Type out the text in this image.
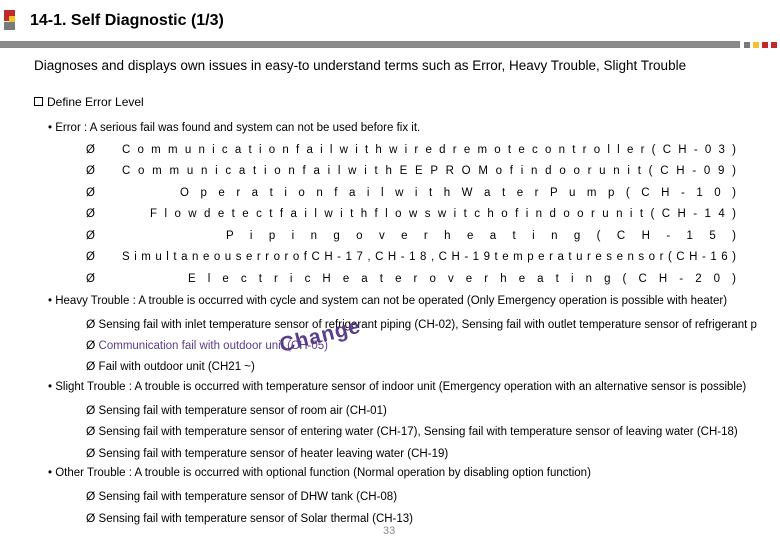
14-1. Self Diagnostic (1/3)
Diagnoses and displays own issues in easy-to understand terms such as Error, Heavy Trouble, Slight Trouble
Define Error Level
• Error : A serious fail was found and system can not be used before fix it.
Ø C o m m u n i c a t i o n f a i l w i t h w i r e d r e m o t e c o n t r o l l e r ( C H - 0 3 )
Ø C o m m u n i c a t i o n f a i l w i t h E E P R O M o f i n d o o r u n i t ( C H - 0 9 )
Ø	O p e r a t i o n f a i l w i t h W a t e r P u m p ( C H - 1 0 )
Ø	F l o w d e t e c t f a i l w i t h f l o w s w i t c h o f i n d o o r u n i t ( C H - 1 4 )
Ø	P i p i n g o v e r h e a t i n g ( C H - 1 5 )
Ø S i m u l t a n e o u s e r r o r o f C H - 1 7 , C H - 1 8 , C H - 1 9 t e m p e r a t u r e s e n s o r ( C H - 1 6 )
Ø	E l e c t r i c H e a t e r o v e r h e a t i n g ( C H - 2 0 )
• Heavy Trouble : A trouble is occurred with cycle and system can not be operated (Only Emergency operation is possible with heater)
Ø Sensing fail with inlet temperature sensor of refrigerant piping (CH-02), Sensing fail with outlet temperature sensor of refrigerant p
Ø Communication fail with outdoor unit (CH-05)
Ø Fail with outdoor unit (CH21 ~)
Change
• Slight Trouble : A trouble is occurred with temperature sensor of indoor unit (Emergency operation with an alternative sensor is possible)
Ø Sensing fail with temperature sensor of room air (CH-01)
Ø Sensing fail with temperature sensor of entering water (CH-17), Sensing fail with temperature sensor of leaving water (CH-18)
Ø Sensing fail with temperature sensor of heater leaving water (CH-19)
• Other Trouble : A trouble is occurred with optional function (Normal operation by disabling option function)
Ø Sensing fail with temperature sensor of DHW tank (CH-08)
Ø Sensing fail with temperature sensor of Solar thermal (CH-13)
33
